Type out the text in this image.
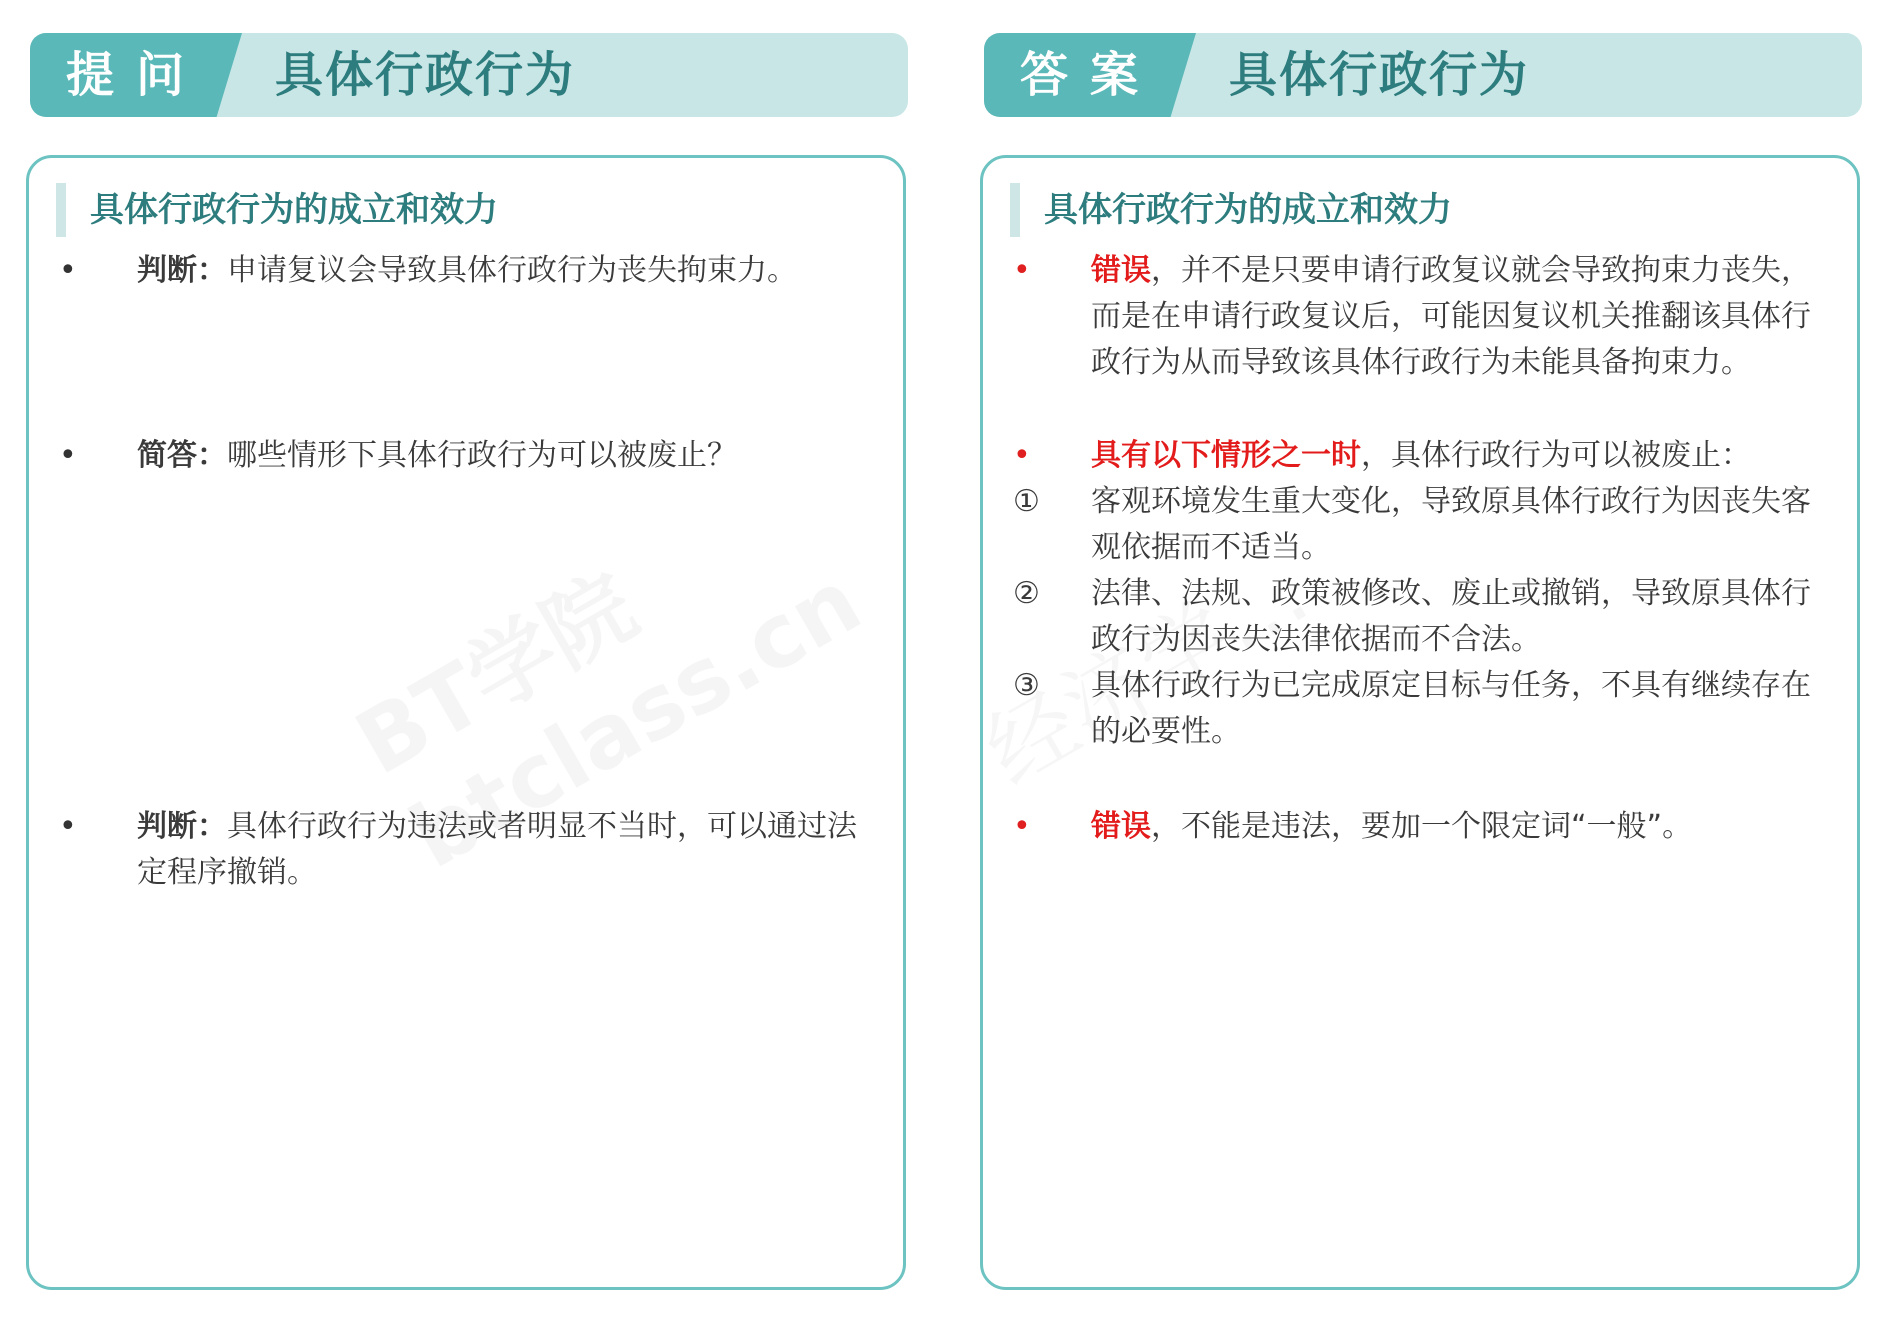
提问 具体行政行为	答案 具体行政行为
具体行政行为的成立和效力
• 判断：申请复议会导致具体行政行为丧失拘束力。
• 简答：哪些情形下具体行政行为可以被废止？
• 判断：具体行政行为违法或者明显不当时，可以通过法定程序撤销。
具体行政行为的成立和效力
• 错误，并不是只要申请行政复议就会导致拘束力丧失，而是在申请行政复议后，可能因复议机关推翻该具体行政行为从而导致该具体行政行为未能具备拘束力。
• 具有以下情形之一时，具体行政行为可以被废止：
①	客观环境发生重大变化，导致原具体行政行为因丧失客观依据而不适当。
②	法律、法规、政策被修改、废止或撤销，导致原具体行政行为因丧失法律依据而不合法。
③	具体行政行为已完成原定目标与任务，不具有继续存在的必要性。
• 错误，不能是违法，要加一个限定词“一般”。
